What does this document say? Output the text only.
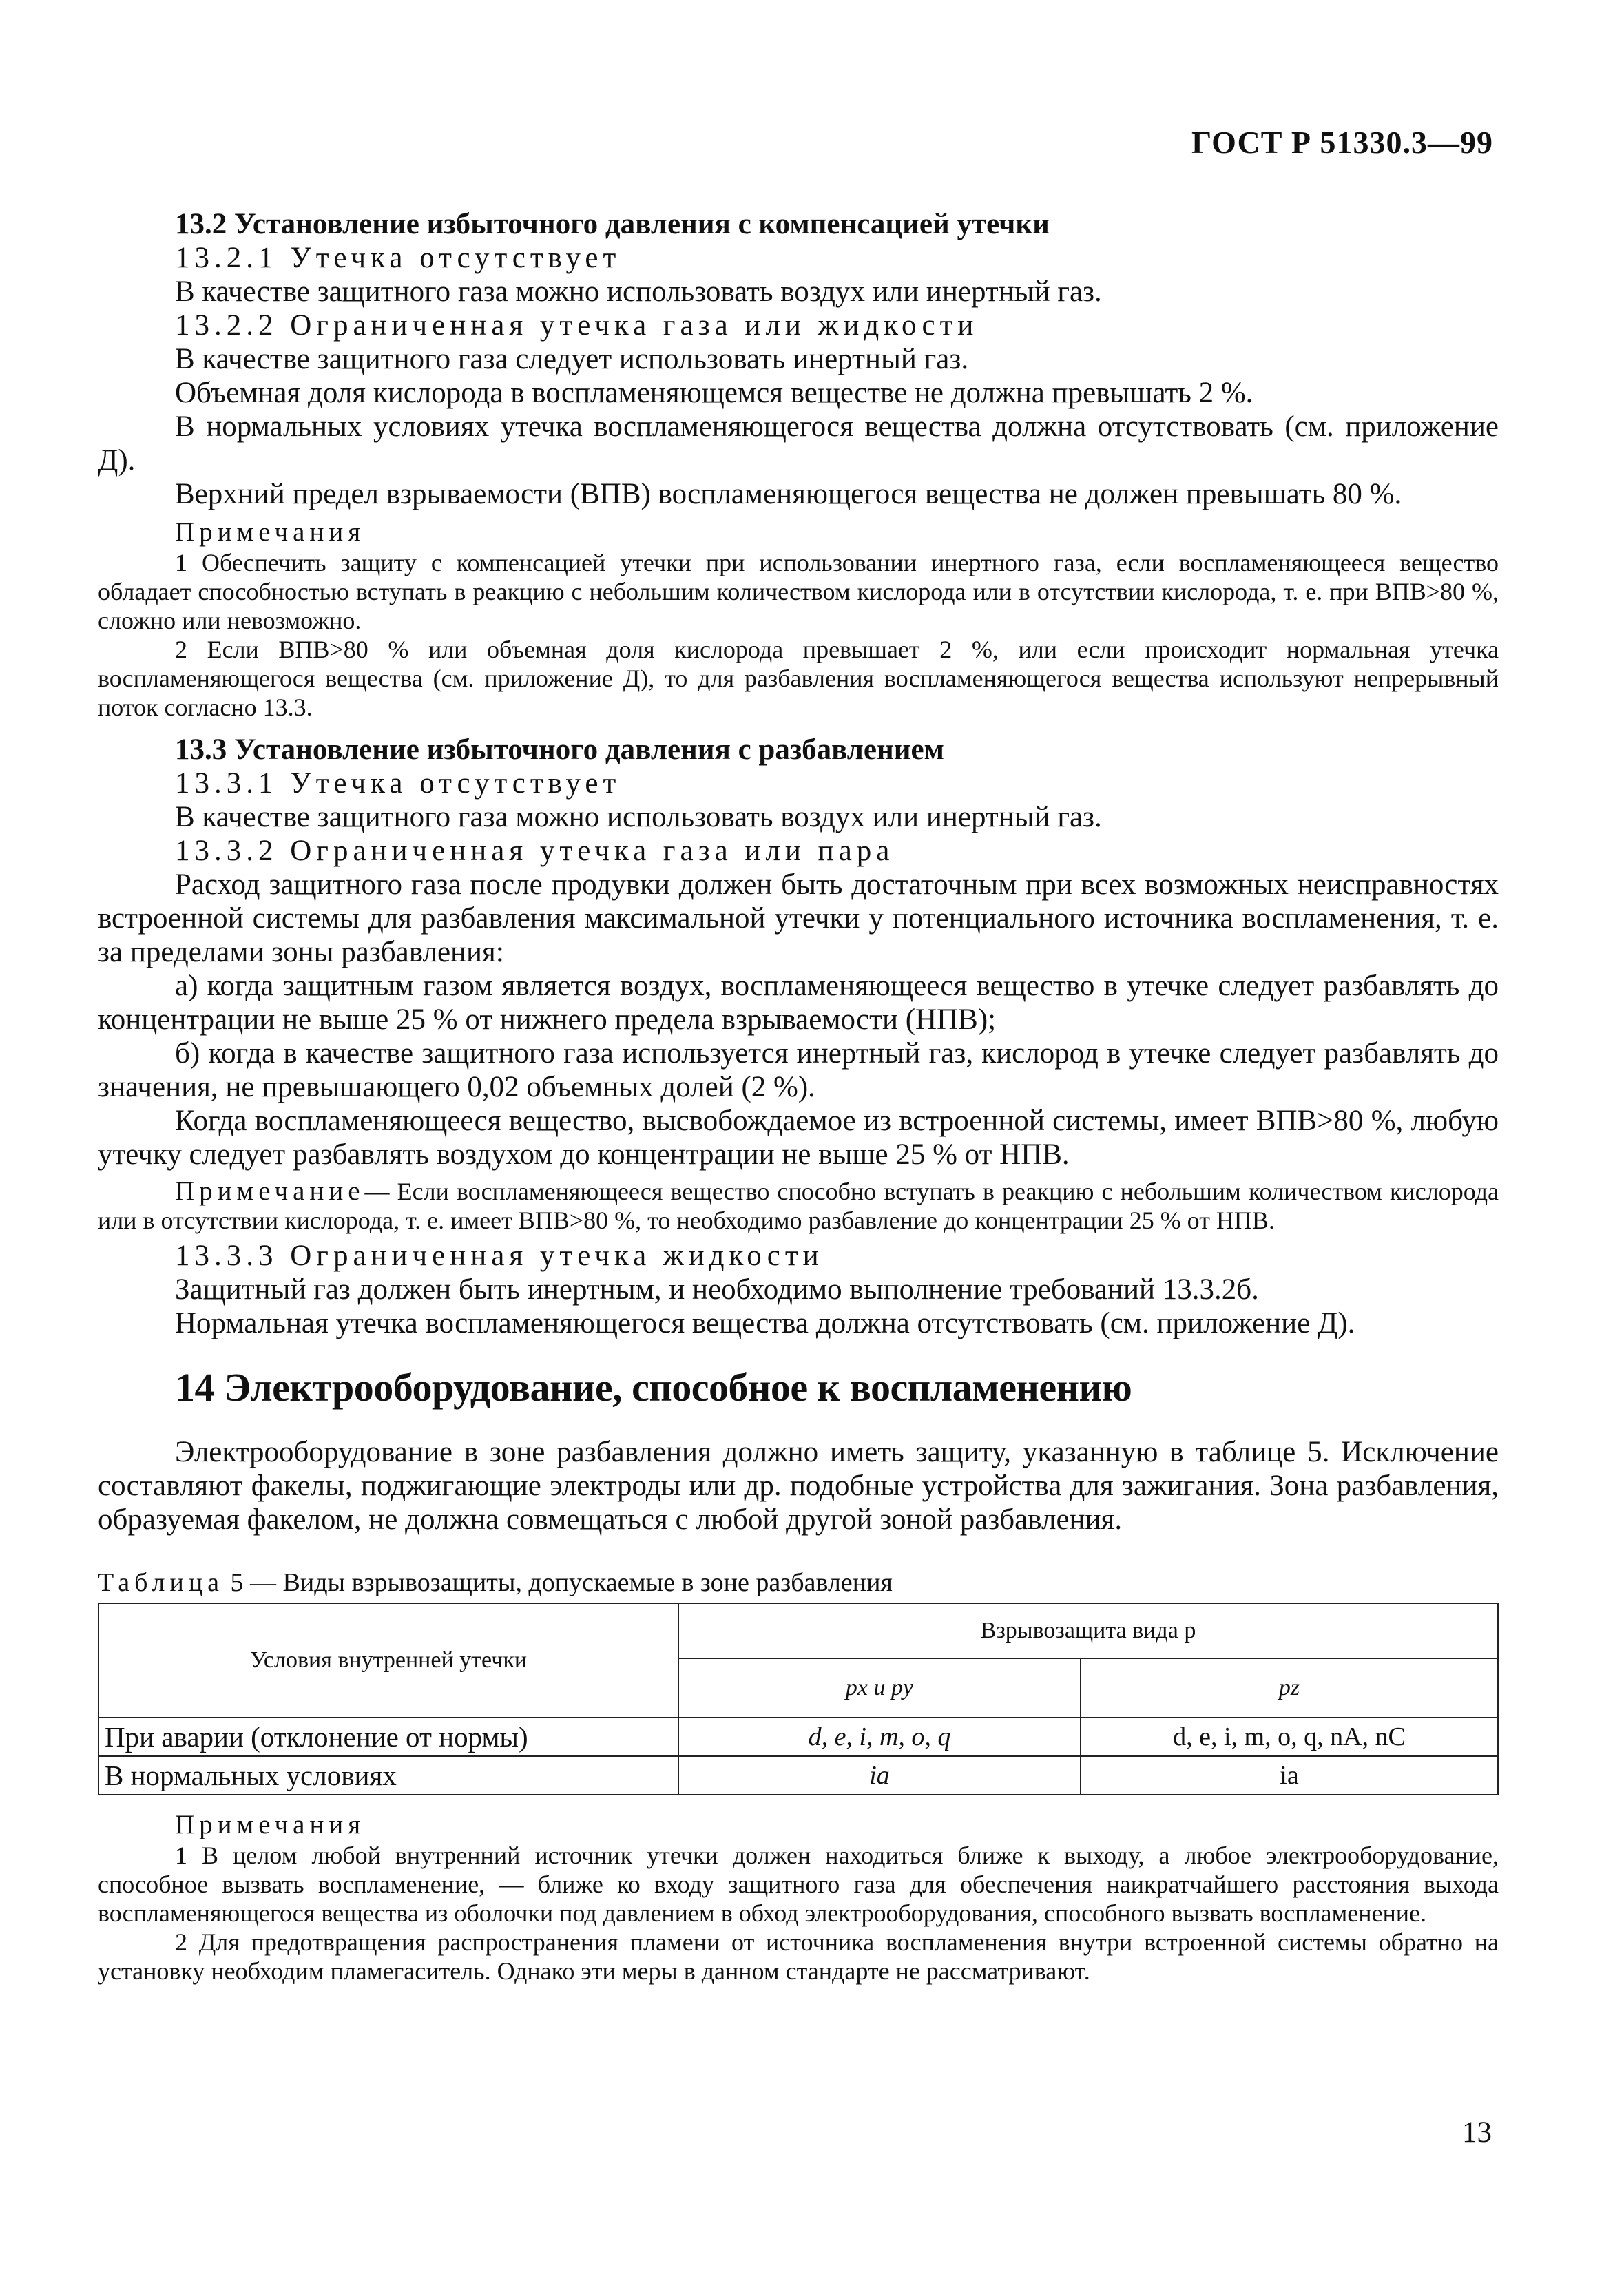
ГОСТ Р 51330.3—99
13.2 Установление избыточного давления с компенсацией утечки
13.2.1 Утечка отсутствует
В качестве защитного газа можно использовать воздух или инертный газ.
13.2.2 Ограниченная утечка газа или жидкости
В качестве защитного газа следует использовать инертный газ.
Объемная доля кислорода в воспламеняющемся веществе не должна превышать 2 %.
В нормальных условиях утечка воспламеняющегося вещества должна отсутствовать (см. приложение Д).
Верхний предел взрываемости (ВПВ) воспламеняющегося вещества не должен превышать 80 %.
Примечания
1 Обеспечить защиту с компенсацией утечки при использовании инертного газа, если воспламеняющееся вещество обладает способностью вступать в реакцию с небольшим количеством кислорода или в отсутствии кислорода, т. е. при ВПВ>80 %, сложно или невозможно.
2 Если ВПВ>80 % или объемная доля кислорода превышает 2 %, или если происходит нормальная утечка воспламеняющегося вещества (см. приложение Д), то для разбавления воспламеняющегося вещества используют непрерывный поток согласно 13.3.
13.3 Установление избыточного давления с разбавлением
13.3.1 Утечка отсутствует
В качестве защитного газа можно использовать воздух или инертный газ.
13.3.2 Ограниченная утечка газа или пара
Расход защитного газа после продувки должен быть достаточным при всех возможных неисправностях встроенной системы для разбавления максимальной утечки у потенциального источника воспламенения, т. е. за пределами зоны разбавления:
а) когда защитным газом является воздух, воспламеняющееся вещество в утечке следует разбавлять до концентрации не выше 25 % от нижнего предела взрываемости (НПВ);
б) когда в качестве защитного газа используется инертный газ, кислород в утечке следует разбавлять до значения, не превышающего 0,02 объемных долей (2 %).
Когда воспламеняющееся вещество, высвобождаемое из встроенной системы, имеет ВПВ>80 %, любую утечку следует разбавлять воздухом до концентрации не выше 25 % от НПВ.
Примечание— Если воспламеняющееся вещество способно вступать в реакцию с небольшим количеством кислорода или в отсутствии кислорода, т. е. имеет ВПВ>80 %, то необходимо разбавление до концентрации 25 % от НПВ.
13.3.3 Ограниченная утечка жидкости
Защитный газ должен быть инертным, и необходимо выполнение требований 13.3.2б.
Нормальная утечка воспламеняющегося вещества должна отсутствовать (см. приложение Д).
14 Электрооборудование, способное к воспламенению
Электрооборудование в зоне разбавления должно иметь защиту, указанную в таблице 5. Исключение составляют факелы, поджигающие электроды или др. подобные устройства для зажигания. Зона разбавления, образуемая факелом, не должна совмещаться с любой другой зоной разбавления.
Таблица 5 — Виды взрывозащиты, допускаемые в зоне разбавления
Условия внутренней утечки	Взрывозащита вида p	
	px и py	pz
При аварии (отклонение от нормы)	d, e, i, m, o, q	d, e, i, m, o, q, nA, nC
В нормальных условиях	ia	ia
Примечания
1 В целом любой внутренний источник утечки должен находиться ближе к выходу, а любое электрооборудование, способное вызвать воспламенение, — ближе ко входу защитного газа для обеспечения наикратчайшего расстояния выхода воспламеняющегося вещества из оболочки под давлением в обход электрооборудования, способного вызвать воспламенение.
2 Для предотвращения распространения пламени от источника воспламенения внутри встроенной системы обратно на установку необходим пламегаситель. Однако эти меры в данном стандарте не рассматривают.
13
